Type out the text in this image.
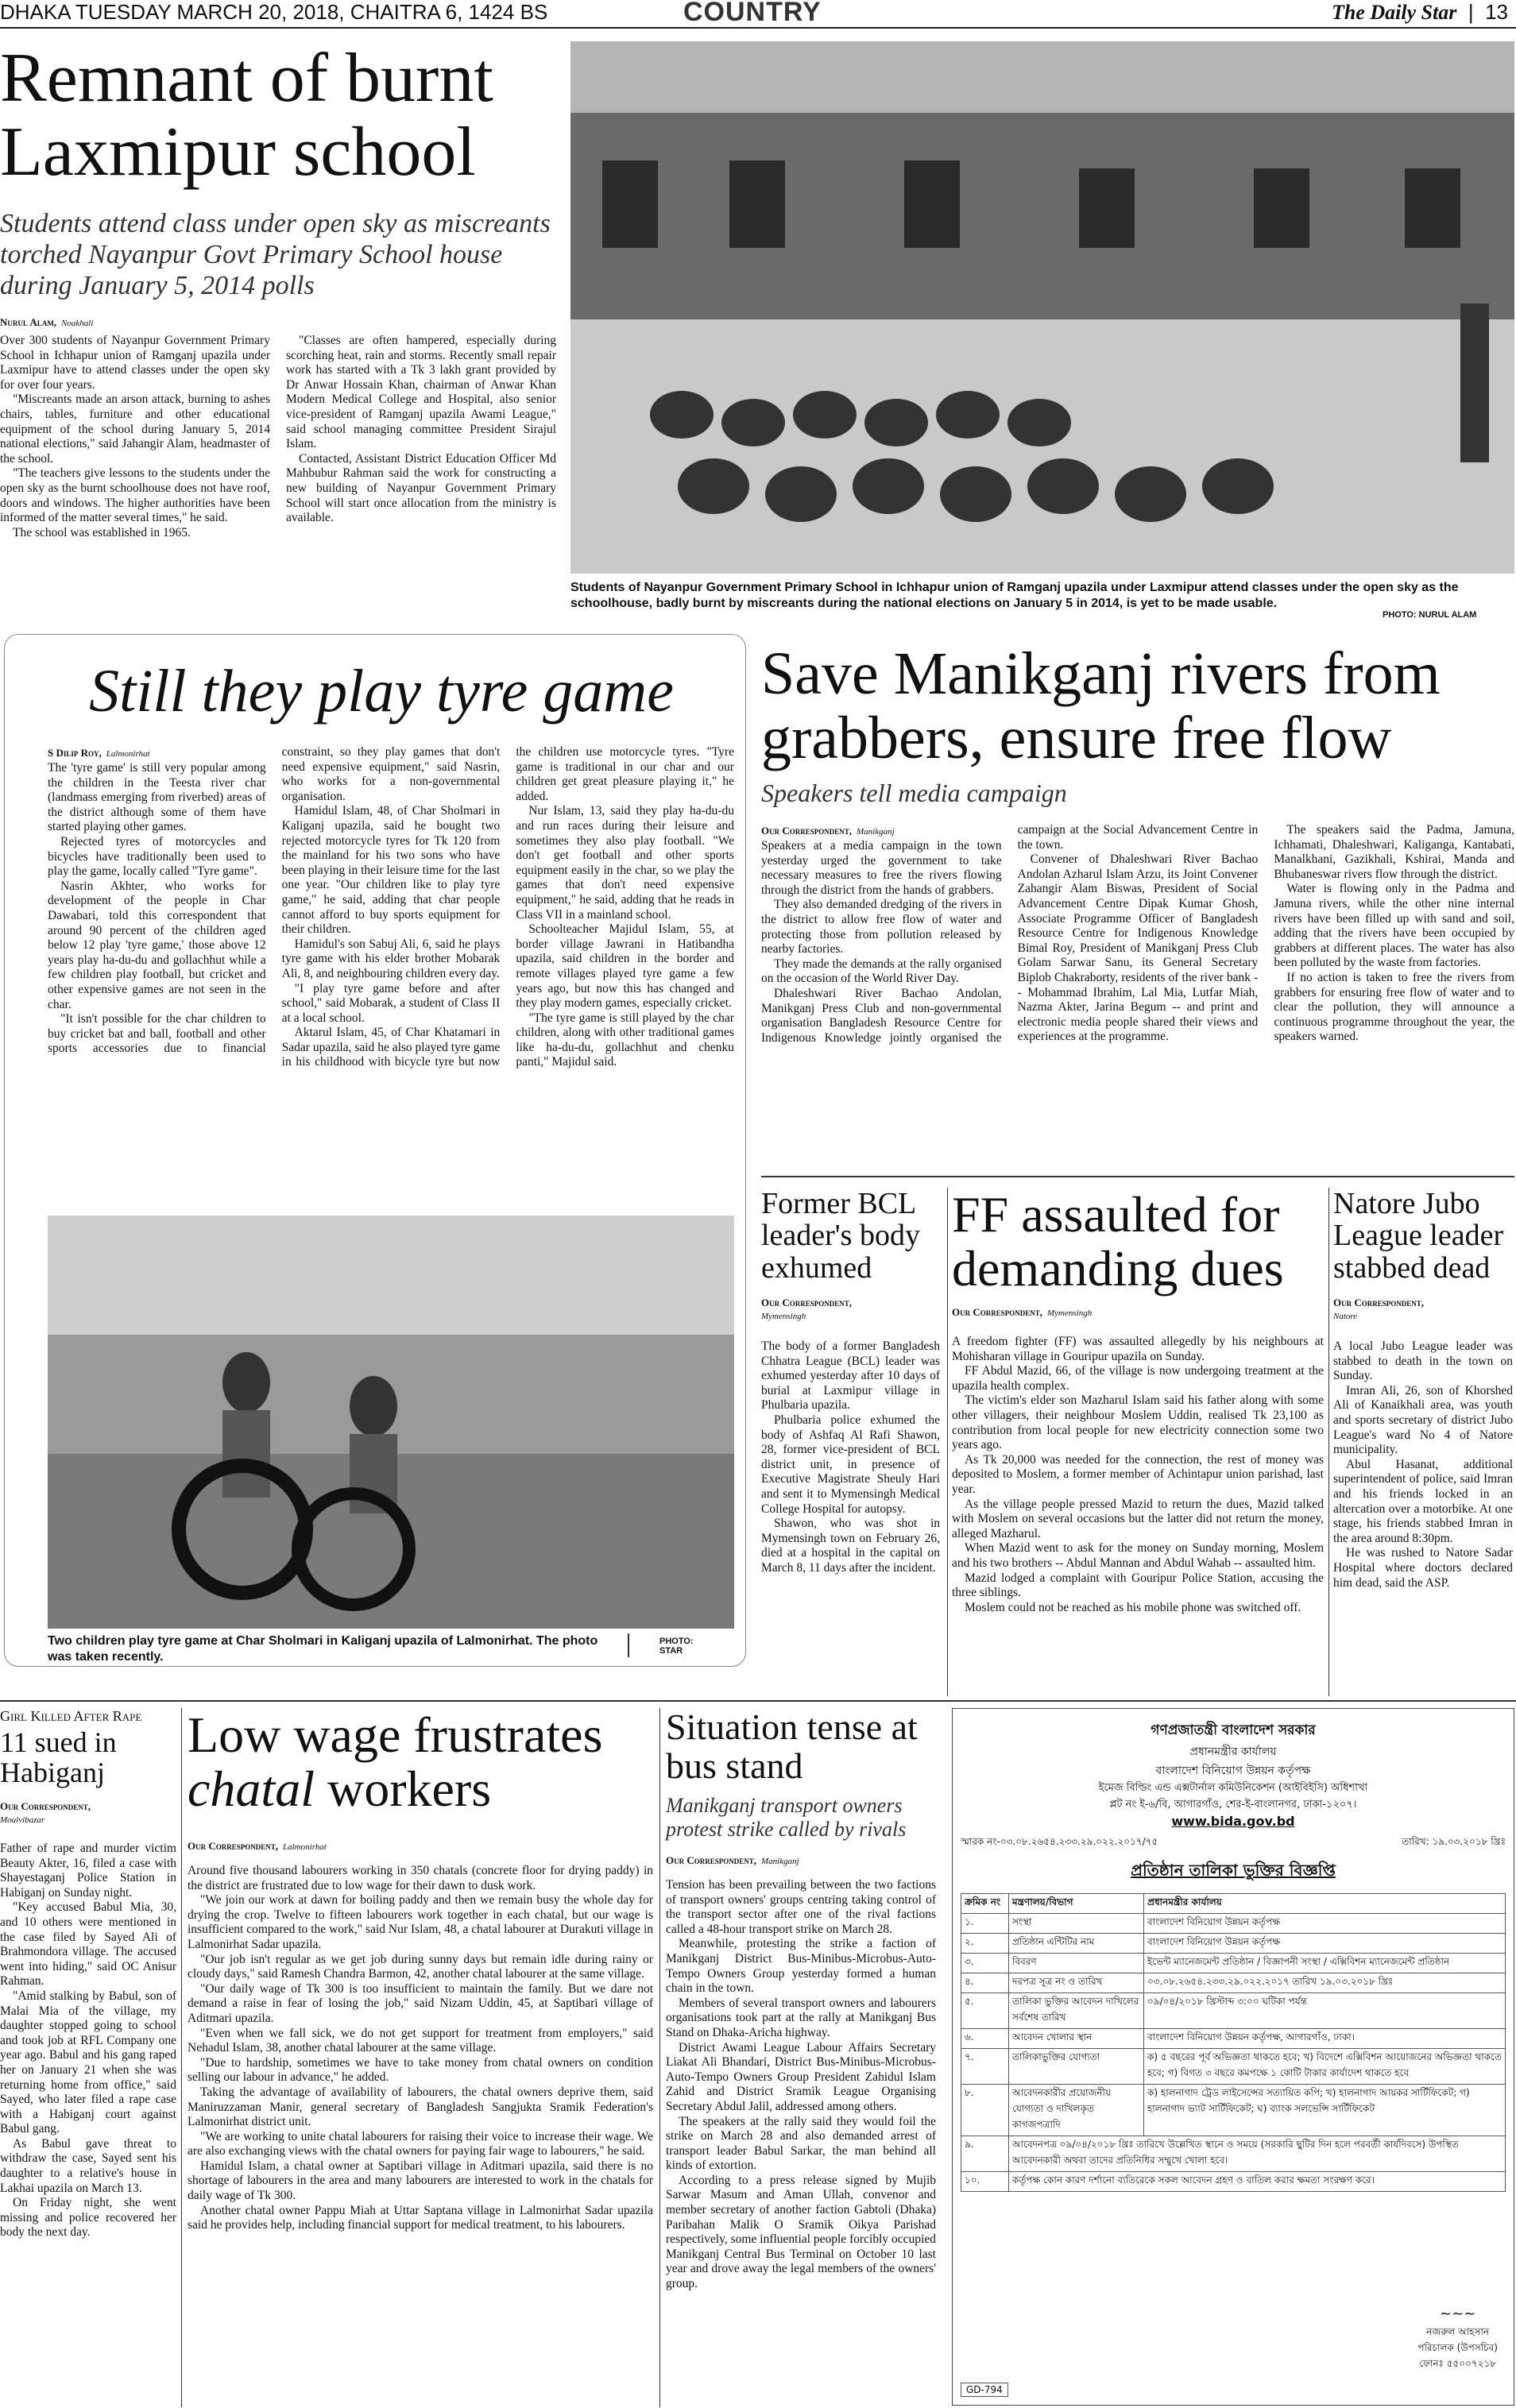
DHAKA TUESDAY MARCH 20, 2018, CHAITRA 6, 1424 BS	COUNTRY	The Daily Star  |  13
Remnant of burnt Laxmipur school
Students attend class under open sky as miscreants torched Nayanpur Govt Primary School house during January 5, 2014 polls
Nurul Alam, Noakhali

Over 300 students of Nayanpur Government Primary School in Ichhapur union of Ramganj upazila under Laxmipur have to attend classes under the open sky for over four years.

"Miscreants made an arson attack, burning to ashes chairs, tables, furniture and other educational equipment of the school during January 5, 2014 national elections," said Jahangir Alam, headmaster of the school.

"The teachers give lessons to the students under the open sky as the burnt schoolhouse does not have roof, doors and windows. The higher authorities have been informed of the matter several times," he said.

The school was established in 1965.

"Classes are often hampered, especially during scorching heat, rain and storms. Recently small repair work has started with a Tk 3 lakh grant provided by Dr Anwar Hossain Khan, chairman of Anwar Khan Modern Medical College and Hospital, also senior vice-president of Ramganj upazila Awami League," said school managing committee President Sirajul Islam.

Contacted, Assistant District Education Officer Md Mahbubur Rahman said the work for constructing a new building of Nayanpur Government Primary School will start once allocation from the ministry is available.

Students of Nayanpur Government Primary School in Ichhapur union of Ramganj upazila under Laxmipur attend classes under the open sky as the schoolhouse, badly burnt by miscreants during the national elections on January 5 in 2014, is yet to be made usable.
PHOTO: NURUL ALAM
Still they play tyre game
S Dilip Roy, Lalmonirhat

The 'tyre game' is still very popular among the children in the Teesta river char (landmass emerging from riverbed) areas of the district although some of them have started playing other games.

Rejected tyres of motorcycles and bicycles have traditionally been used to play the game, locally called "Tyre game".

Nasrin Akhter, who works for development of the people in Char Dawabari, told this correspondent that around 90 percent of the children aged below 12 play 'tyre game,' those above 12 years play ha-du-du and gollachhut while a few children play football, but cricket and other expensive games are not seen in the char.

"It isn't possible for the char children to buy cricket bat and ball, football and other sports accessories due to financial constraint, so they play games that don't need expensive equipment," said Nasrin, who works for a non-governmental organisation.

Hamidul Islam, 48, of Char Sholmari in Kaliganj upazila, said he bought two rejected motorcycle tyres for Tk 120 from the mainland for his two sons who have been playing in their leisure time for the last one year. "Our children like to play tyre game," he said, adding that char people cannot afford to buy sports equipment for their children.

Hamidul's son Sabuj Ali, 6, said he plays tyre game with his elder brother Mobarak Ali, 8, and neighbouring children every day.

"I play tyre game before and after school," said Mobarak, a student of Class II at a local school.

Aktarul Islam, 45, of Char Khatamari in Sadar upazila, said he also played tyre game in his childhood with bicycle tyre but now the children use motorcycle tyres. "Tyre game is traditional in our char and our children get great pleasure playing it," he added.

Nur Islam, 13, said they play ha-du-du and run races during their leisure and sometimes they also play football. "We don't get football and other sports equipment easily in the char, so we play the games that don't need expensive equipment," he said, adding that he reads in Class VII in a mainland school.

Schoolteacher Majidul Islam, 55, at border village Jawrani in Hatibandha upazila, said children in the border and remote villages played tyre game a few years ago, but now this has changed and they play modern games, especially cricket.

"The tyre game is still played by the char children, along with other traditional games like ha-du-du, gollachhut and chenku panti," Majidul said.

Two children play tyre game at Char Sholmari in Kaliganj upazila of Lalmonirhat. The photo was taken recently.
PHOTO: STAR
Save Manikganj rivers from grabbers, ensure free flow
Speakers tell media campaign
Our Correspondent, Manikganj

Speakers at a media campaign in the town yesterday urged the government to take necessary measures to free the rivers flowing through the district from the hands of grabbers.

They also demanded dredging of the rivers in the district to allow free flow of water and protecting those from pollution released by nearby factories.

They made the demands at the rally organised on the occasion of the World River Day.

Dhaleshwari River Bachao Andolan, Manikganj Press Club and non-governmental organisation Bangladesh Resource Centre for Indigenous Knowledge jointly organised the campaign at the Social Advancement Centre in the town.

Convener of Dhaleshwari River Bachao Andolan Azharul Islam Arzu, its Joint Convener Zahangir Alam Biswas, President of Social Advancement Centre Dipak Kumar Ghosh, Associate Programme Officer of Bangladesh Resource Centre for Indigenous Knowledge Bimal Roy, President of Manikganj Press Club Golam Sarwar Sanu, its General Secretary Biplob Chakraborty, residents of the river bank -- Mohammad Ibrahim, Lal Mia, Lutfar Miah, Nazma Akter, Jarina Begum -- and print and electronic media people shared their views and experiences at the programme.

The speakers said the Padma, Jamuna, Ichhamati, Dhaleshwari, Kaliganga, Kantabati, Manalkhani, Gazikhali, Kshirai, Manda and Bhubaneswar rivers flow through the district.

Water is flowing only in the Padma and Jamuna rivers, while the other nine internal rivers have been filled up with sand and soil, adding that the rivers have been occupied by grabbers at different places. The water has also been polluted by the waste from factories.

If no action is taken to free the rivers from grabbers for ensuring free flow of water and to clear the pollution, they will announce a continuous programme throughout the year, the speakers warned.

Former BCL leader's body exhumed
Our Correspondent,
Mymensingh

The body of a former Bangladesh Chhatra League (BCL) leader was exhumed yesterday after 10 days of burial at Laxmipur village in Phulbaria upazila.

Phulbaria police exhumed the body of Ashfaq Al Rafi Shawon, 28, former vice-president of BCL district unit, in presence of Executive Magistrate Sheuly Hari and sent it to Mymensingh Medical College Hospital for autopsy.

Shawon, who was shot in Mymensingh town on February 26, died at a hospital in the capital on March 8, 11 days after the incident.

FF assaulted for demanding dues
Our Correspondent, Mymensingh

A freedom fighter (FF) was assaulted allegedly by his neighbours at Mohisharan village in Gouripur upazila on Sunday.

FF Abdul Mazid, 66, of the village is now undergoing treatment at the upazila health complex.

The victim's elder son Mazharul Islam said his father along with some other villagers, their neighbour Moslem Uddin, realised Tk 23,100 as contribution from local people for new electricity connection some two years ago.

As Tk 20,000 was needed for the connection, the rest of money was deposited to Moslem, a former member of Achintapur union parishad, last year.

As the village people pressed Mazid to return the dues, Mazid talked with Moslem on several occasions but the latter did not return the money, alleged Mazharul.

When Mazid went to ask for the money on Sunday morning, Moslem and his two brothers -- Abdul Mannan and Abdul Wahab -- assaulted him.

Mazid lodged a complaint with Gouripur Police Station, accusing the three siblings.

Moslem could not be reached as his mobile phone was switched off.

Natore Jubo League leader stabbed dead
Our Correspondent,
Natore

A local Jubo League leader was stabbed to death in the town on Sunday.

Imran Ali, 26, son of Khorshed Ali of Kanaikhali area, was youth and sports secretary of district Jubo League's ward No 4 of Natore municipality.

Abul Hasanat, additional superintendent of police, said Imran and his friends locked in an altercation over a motorbike. At one stage, his friends stabbed Imran in the area around 8:30pm.

He was rushed to Natore Sadar Hospital where doctors declared him dead, said the ASP.

Girl Killed After Rape
11 sued in Habiganj
Our Correspondent,
Moulvibazar

Father of rape and murder victim Beauty Akter, 16, filed a case with Shayestaganj Police Station in Habiganj on Sunday night.

"Key accused Babul Mia, 30, and 10 others were mentioned in the case filed by Sayed Ali of Brahmondora village. The accused went into hiding," said OC Anisur Rahman.

"Amid stalking by Babul, son of Malai Mia of the village, my daughter stopped going to school and took job at RFL Company one year ago. Babul and his gang raped her on January 21 when she was returning home from office," said Sayed, who later filed a rape case with a Habiganj court against Babul gang.

As Babul gave threat to withdraw the case, Sayed sent his daughter to a relative's house in Lakhai upazila on March 13.

On Friday night, she went missing and police recovered her body the next day.

Low wage frustrates
chatal workers
Our Correspondent, Lalmonirhat

Around five thousand labourers working in 350 chatals (concrete floor for drying paddy) in the district are frustrated due to low wage for their dawn to dusk work.

"We join our work at dawn for boiling paddy and then we remain busy the whole day for drying the crop. Twelve to fifteen labourers work together in each chatal, but our wage is insufficient compared to the work," said Nur Islam, 48, a chatal labourer at Durakuti village in Lalmonirhat Sadar upazila.

"Our job isn't regular as we get job during sunny days but remain idle during rainy or cloudy days," said Ramesh Chandra Barmon, 42, another chatal labourer at the same village.

"Our daily wage of Tk 300 is too insufficient to maintain the family. But we dare not demand a raise in fear of losing the job," said Nizam Uddin, 45, at Saptibari village of Aditmari upazila.

"Even when we fall sick, we do not get support for treatment from employers," said Nehadul Islam, 38, another chatal labourer at the same village.

"Due to hardship, sometimes we have to take money from chatal owners on condition selling our labour in advance," he added.

Taking the advantage of availability of labourers, the chatal owners deprive them, said Maniruzzaman Manir, general secretary of Bangladesh Sangjukta Sramik Federation's Lalmonirhat district unit.

"We are working to unite chatal labourers for raising their voice to increase their wage. We are also exchanging views with the chatal owners for paying fair wage to labourers," he said.

Hamidul Islam, a chatal owner at Saptibari village in Aditmari upazila, said there is no shortage of labourers in the area and many labourers are interested to work in the chatals for daily wage of Tk 300.

Another chatal owner Pappu Miah at Uttar Saptana village in Lalmonirhat Sadar upazila said he provides help, including financial support for medical treatment, to his labourers.

Situation tense at bus stand
Manikganj transport owners protest strike called by rivals
Our Correspondent, Manikganj

Tension has been prevailing between the two factions of transport owners' groups centring taking control of the transport sector after one of the rival factions called a 48-hour transport strike on March 28.

Meanwhile, protesting the strike a faction of Manikganj District Bus-Minibus-Microbus-Auto-Tempo Owners Group yesterday formed a human chain in the town.

Members of several transport owners and labourers organisations took part at the rally at Manikganj Bus Stand on Dhaka-Aricha highway.

District Awami League Labour Affairs Secretary Liakat Ali Bhandari, District Bus-Minibus-Microbus-Auto-Tempo Owners Group President Zahidul Islam Zahid and District Sramik League Organising Secretary Abdul Jalil, addressed among others.

The speakers at the rally said they would foil the strike on March 28 and also demanded arrest of transport leader Babul Sarkar, the man behind all kinds of extortion.

According to a press release signed by Mujib Sarwar Masum and Aman Ullah, convenor and member secretary of another faction Gabtoli (Dhaka) Paribahan Malik O Sramik Oikya Parishad respectively, some influential people forcibly occupied Manikganj Central Bus Terminal on October 10 last year and drove away the legal members of the owners' group.

গণপ্রজাতন্ত্রী বাংলাদেশ সরকার
প্রধানমন্ত্রীর কার্যালয়
বাংলাদেশ বিনিয়োগ উন্নয়ন কর্তৃপক্ষ
ইমেজ বিল্ডিং এন্ড এক্সটার্নাল কমিউনিকেশন (আইবিইসি) অধিশাখা
প্লট নং ই-৬/বি, আগারগাঁও, শের-ই-বাংলানগর, ঢাকা-১২০৭।
www.bida.gov.bd
স্মারক নং-০৩.০৮.২৬৫৪.২৩৩.২৯.০২২.২০১৭/৭৫	তারিখ: ১৯.০৩.২০১৮ খ্রিঃ
প্রতিষ্ঠান তালিকা ভুক্তির বিজ্ঞপ্তি
ক্রমিক নং	মন্ত্রণালয়/বিভাগ	প্রধানমন্ত্রীর কার্যালয়
১.	সংস্থা	বাংলাদেশ বিনিয়োগ উন্নয়ন কর্তৃপক্ষ
২.	প্রতিষ্ঠান এন্টিটির নাম	বাংলাদেশ বিনিয়োগ উন্নয়ন কর্তৃপক্ষ
৩.	বিবরণ	ইভেন্ট ম্যানেজমেন্ট প্রতিষ্ঠান / বিজ্ঞাপনী সংস্থা / এক্সিবিশন ম্যানেজমেন্ট প্রতিষ্ঠান
৪.	দরপত্র সূত্র নং ও তারিখ	০৩.০৮.২৬৫৪.২৩৩.২৯.০২২.২০১৭ তারিখ ১৯.০৩.২০১৮ খ্রিঃ
৫.	তালিকা ভুক্তির আবেদন দাখিলের সর্বশেষ তারিখ	০৯/০৪/২০১৮ খ্রিস্টাব্দ ৩:০০ ঘটিকা পর্যন্ত
৬.	আবেদন খোলার স্থান	বাংলাদেশ বিনিয়োগ উন্নয়ন কর্তৃপক্ষ, আগারগাঁও, ঢাকা।
৭.	তালিকাভুক্তির যোগ্যতা	ক) ৫ বছরের পূর্ব অভিজ্ঞতা থাকতে হবে; খ) বিদেশে এক্সিবিশন আয়োজনের অভিজ্ঞতা থাকতে হবে; গ) বিগত ৩ বছরে কমপক্ষে ১ কোটি টাকার কার্যাদেশ থাকতে হবে
৮.	আবেদনকারীর প্রয়োজনীয় যোগ্যতা ও দাখিলকৃত কাগজপত্রাদি	ক) হালনাগাদ ট্রেড লাইসেন্সের সত্যায়িত কপি; খ) হালনাগাদ আয়কর সার্টিফিকেট; গ) হালনাগাদ ভ্যাট সার্টিফিকেট; ঘ) ব্যাংক সলভেন্সি সার্টিফিকেট
৯.	আবেদনপত্র ০৯/০৪/২০১৮ খ্রিঃ তারিখে উল্লেখিত স্থানে ও সময়ে (সরকারি ছুটির দিন হলে পরবর্তী কার্যদিবসে) উপস্থিত আবেদনকারী অথবা তাদের প্রতিনিধির সম্মুখে খোলা হবে।	
১০.	কর্তৃপক্ষ কোন কারণ দর্শানো ব্যতিরেকে সকল আবেদন গ্রহণ ও বাতিল করার ক্ষমতা সংরক্ষণ করে।	
~~~
নজরুল আহসান
পরিচালক (উপসচিব)
ফোনঃ ৫৫০০৭২১৮
GD-794
